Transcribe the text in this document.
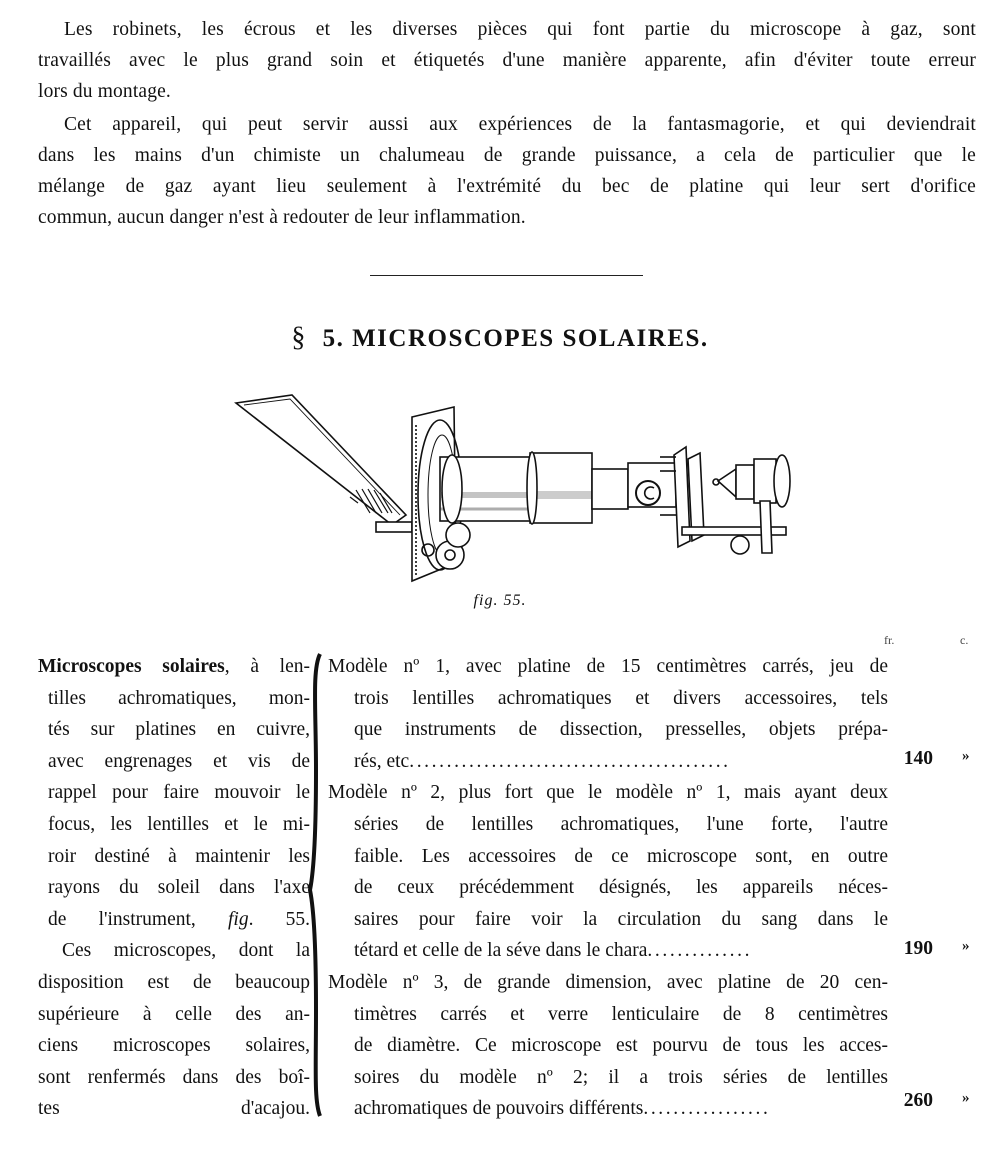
Les robinets, les écrous et les diverses pièces qui font partie du microscope à gaz, sont
travaillés avec le plus grand soin et étiquetés d'une manière apparente, afin d'éviter toute erreur
lors du montage.
Cet appareil, qui peut servir aussi aux expériences de la fantasmagorie, et qui deviendrait
dans les mains d'un chimiste un chalumeau de grande puissance, a cela de particulier que le
mélange de gaz ayant lieu seulement à l'extrémité du bec de platine qui leur sert d'orifice
commun, aucun danger n'est à redouter de leur inflammation.
§ 5. MICROSCOPES SOLAIRES.
fig. 55.
fr.	c.
Microscopes solaires, à len-
tilles achromatiques, mon-
tés sur platines en cuivre,
avec engrenages et vis de
rappel pour faire mouvoir le
focus, les lentilles et le mi-
roir destiné à maintenir les
rayons du soleil dans l'axe
de l'instrument, fig. 55.
Ces microscopes, dont la
disposition est de beaucoup
supérieure à celle des an-
ciens microscopes solaires,
sont renfermés dans des boî-
tes d'acajou.
Modèle nº 1, avec platine de 15 centimètres carrés, jeu de
trois lentilles achromatiques et divers accessoires, tels
que instruments de dissection, presselles, objets prépa-
rés, etc...........................................
Modèle nº 2, plus fort que le modèle nº 1, mais ayant deux
séries de lentilles achromatiques, l'une forte, l'autre
faible. Les accessoires de ce microscope sont, en outre
de ceux précédemment désignés, les appareils néces-
saires pour faire voir la circulation du sang dans le
tétard et celle de la séve dans le chara..............
Modèle nº 3, de grande dimension, avec platine de 20 cen-
timètres carrés et verre lenticulaire de 8 centimètres
de diamètre. Ce microscope est pourvu de tous les acces-
soires du modèle nº 2; il a trois séries de lentilles
achromatiques de pouvoirs différents.................
140 »
190 »
260 »
